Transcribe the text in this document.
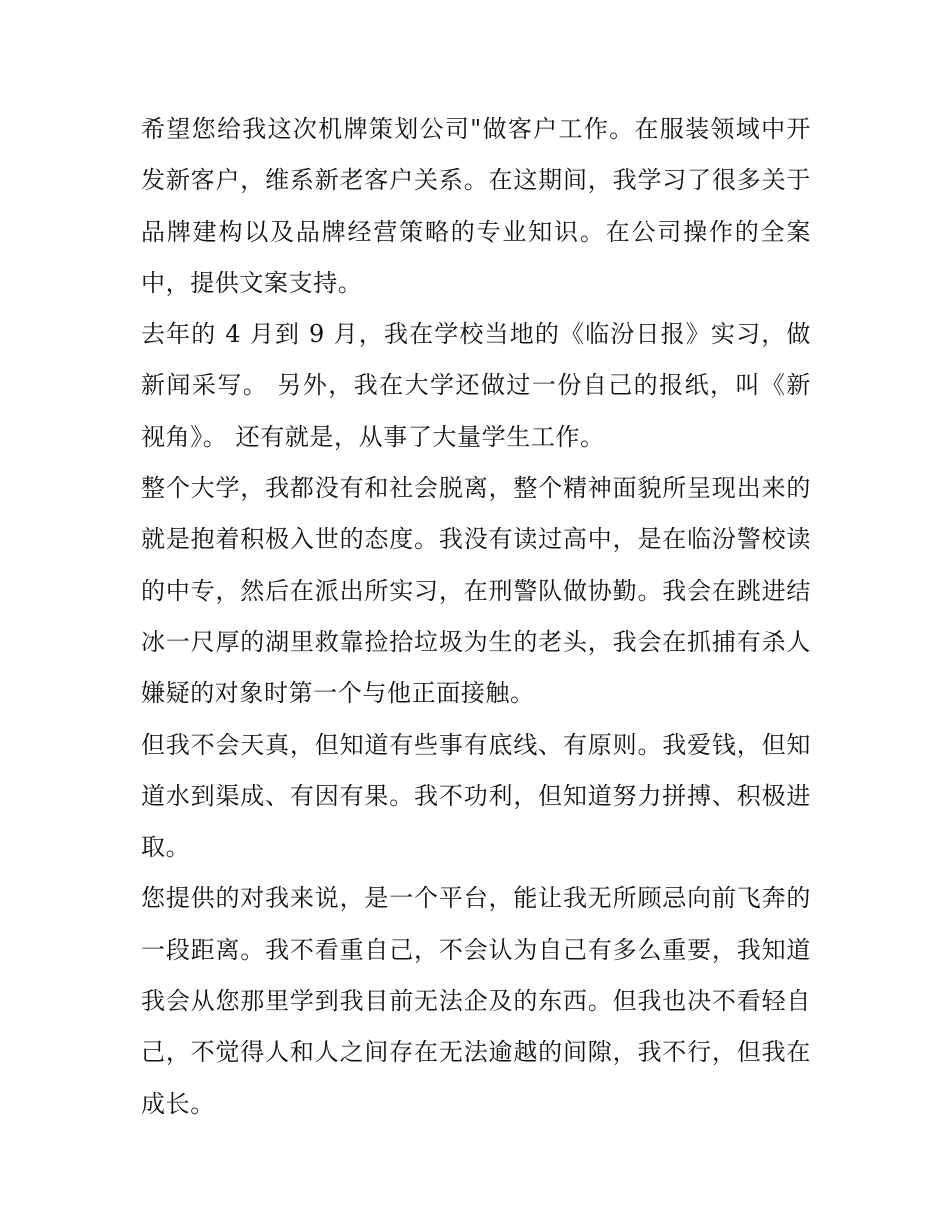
希望您给我这次机牌策划公司"做客户工作。在服装领域中开发新客户，维系新老客户关系。在这期间，我学习了很多关于品牌建构以及品牌经营策略的专业知识。在公司操作的全案中，提供文案支持。

去年的 4 月到 9 月，我在学校当地的《临汾日报》实习，做新闻采写。 另外，我在大学还做过一份自己的报纸，叫《新视角》。 还有就是，从事了大量学生工作。

整个大学，我都没有和社会脱离，整个精神面貌所呈现出来的就是抱着积极入世的态度。我没有读过高中，是在临汾警校读的中专，然后在派出所实习，在刑警队做协勤。我会在跳进结冰一尺厚的湖里救靠捡拾垃圾为生的老头，我会在抓捕有杀人嫌疑的对象时第一个与他正面接触。

但我不会天真，但知道有些事有底线、有原则。我爱钱，但知道水到渠成、有因有果。我不功利，但知道努力拼搏、积极进取。

您提供的对我来说，是一个平台，能让我无所顾忌向前飞奔的一段距离。我不看重自己，不会认为自己有多么重要，我知道我会从您那里学到我目前无法企及的东西。但我也决不看轻自己，不觉得人和人之间存在无法逾越的间隙，我不行，但我在成长。
